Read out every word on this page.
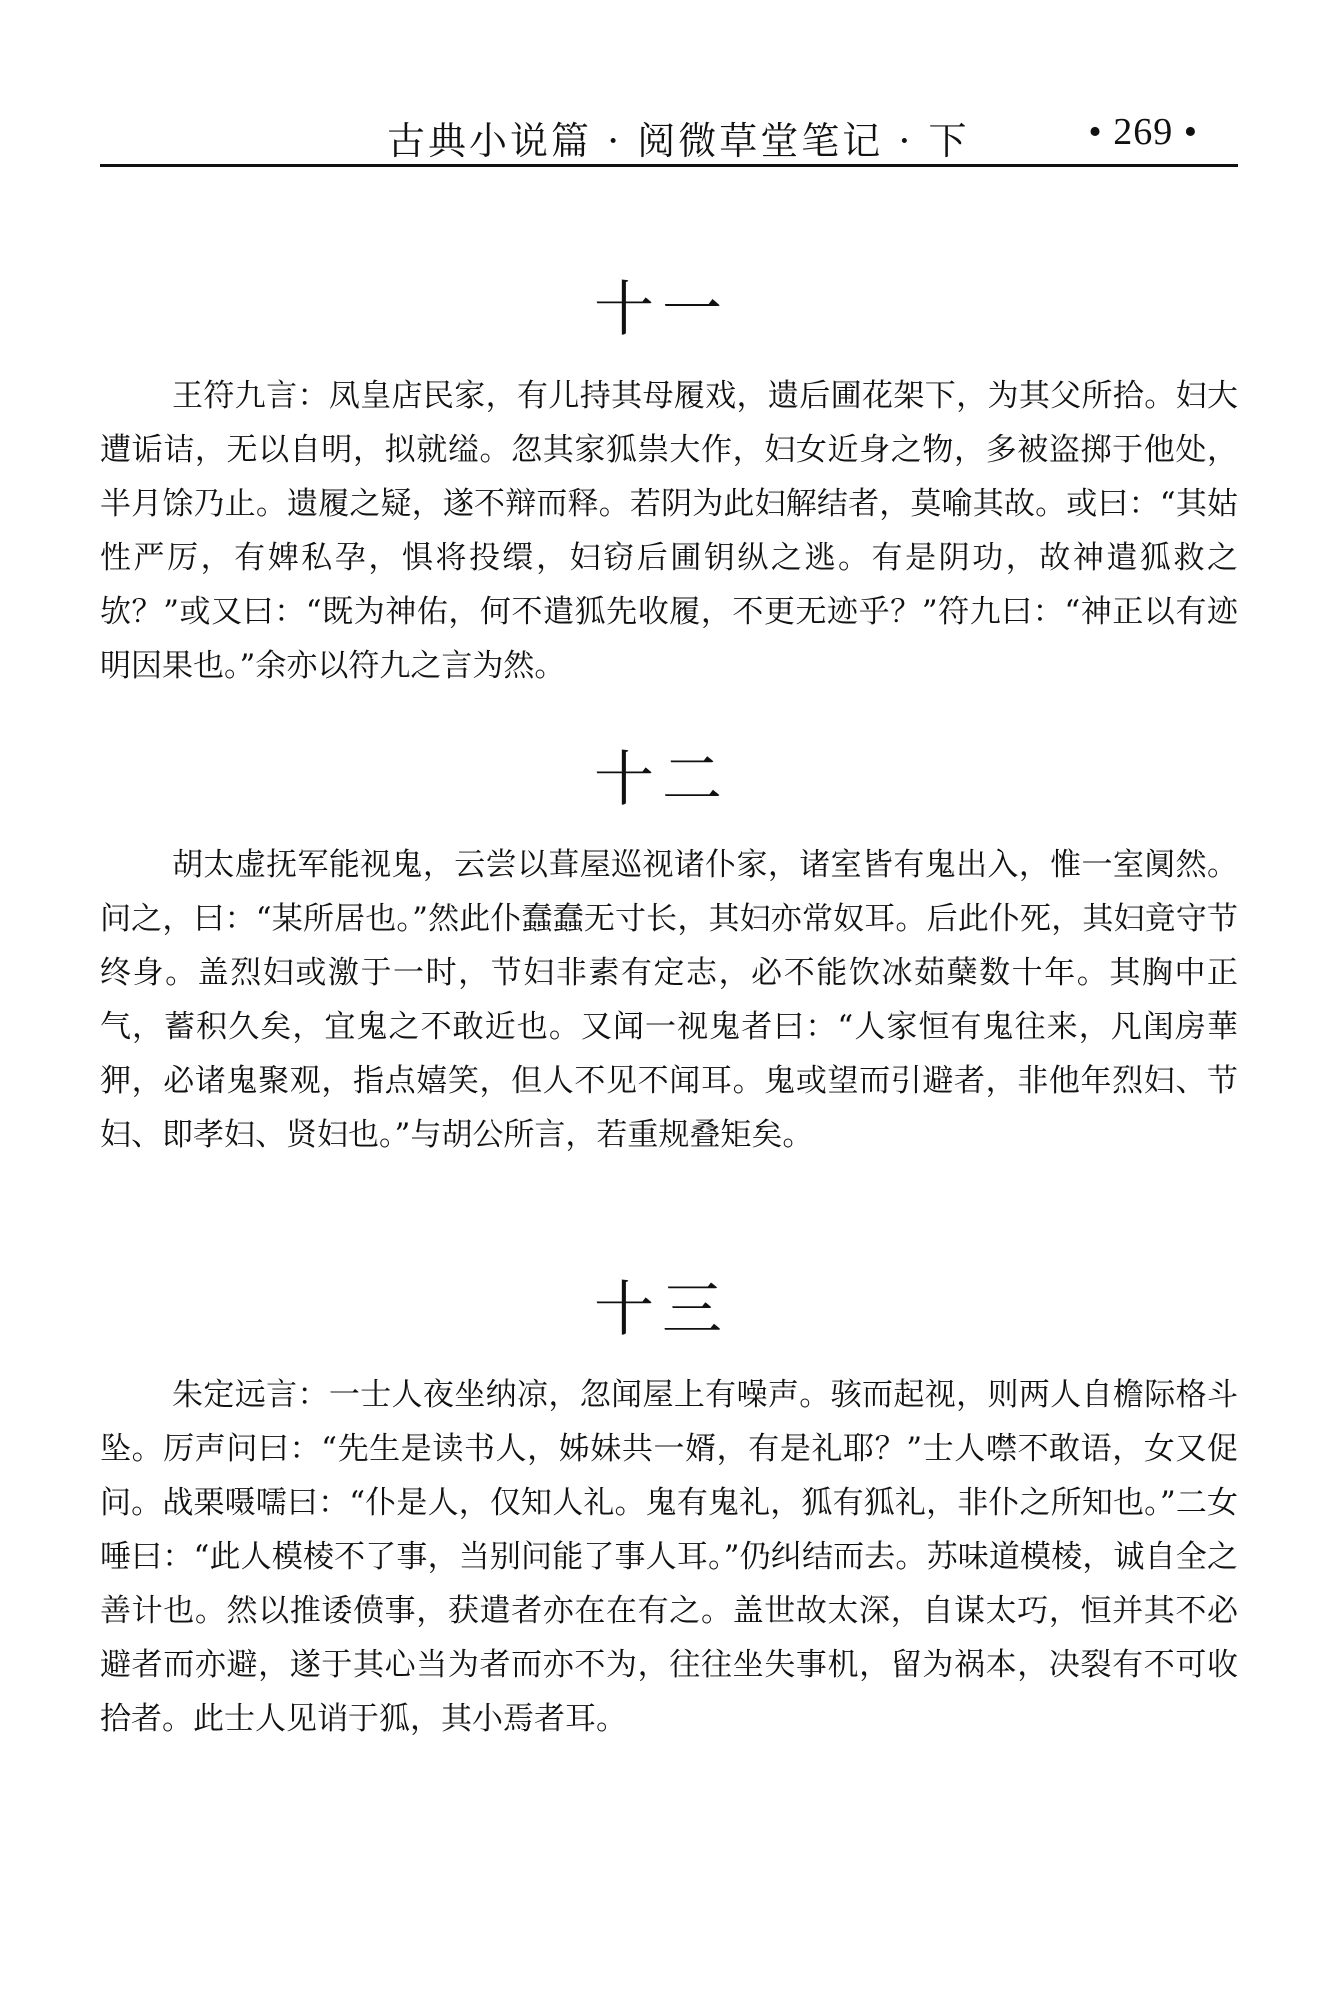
古典小说篇 · 阅微草堂笔记 · 下	• 269 •
十一

王符九言：凤皇店民家，有儿持其母履戏，遗后圃花架下，为其父所拾。妇大遭诟诘，无以自明，拟就缢。忽其家狐祟大作，妇女近身之物，多被盗掷于他处，半月馀乃止。遗履之疑，遂不辩而释。若阴为此妇解结者，莫喻其故。或曰：“其姑性严厉，有婢私孕，惧将投缳，妇窃后圃钥纵之逃。有是阴功，故神遣狐救之欤？”或又曰：“既为神佑，何不遣狐先收履，不更无迹乎？”符九曰：“神正以有迹明因果也。”余亦以符九之言为然。

十二

胡太虚抚军能视鬼，云尝以葺屋巡视诸仆家，诸室皆有鬼出入，惟一室阒然。问之，曰：“某所居也。”然此仆蠢蠢无寸长，其妇亦常奴耳。后此仆死，其妇竟守节终身。盖烈妇或激于一时，节妇非素有定志，必不能饮冰茹蘖数十年。其胸中正气，蓄积久矣，宜鬼之不敢近也。又闻一视鬼者曰：“人家恒有鬼往来，凡闺房華狎，必诸鬼聚观，指点嬉笑，但人不见不闻耳。鬼或望而引避者，非他年烈妇、节妇、即孝妇、贤妇也。”与胡公所言，若重规叠矩矣。

十三

朱定远言：一士人夜坐纳凉，忽闻屋上有噪声。骇而起视，则两人自檐际格斗坠。厉声问曰：“先生是读书人，姊妹共一婿，有是礼耶？”士人噤不敢语，女又促问。战栗嗫嚅曰：“仆是人，仅知人礼。鬼有鬼礼，狐有狐礼，非仆之所知也。”二女唾曰：“此人模棱不了事，当别问能了事人耳。”仍纠结而去。苏味道模棱，诚自全之善计也。然以推诿偾事，获遣者亦在在有之。盖世故太深，自谋太巧，恒并其不必避者而亦避，遂于其心当为者而亦不为，往往坐失事机，留为祸本，决裂有不可收拾者。此士人见诮于狐，其小焉者耳。
